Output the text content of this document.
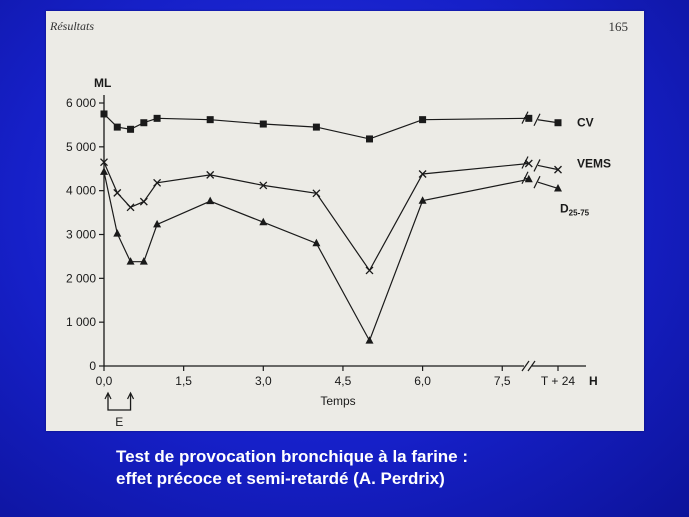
Résultats	165
0
1 000
2 000
3 000
4 000
5 000
6 000
ML
0,0	1,5	3,0	4,5	6,0	7,5	T + 24 H
Temps
E
CV
VEMS
$D_{25-75}$
Test de provocation bronchique à la farine :
effet précoce et semi-retardé (A. Perdrix)
